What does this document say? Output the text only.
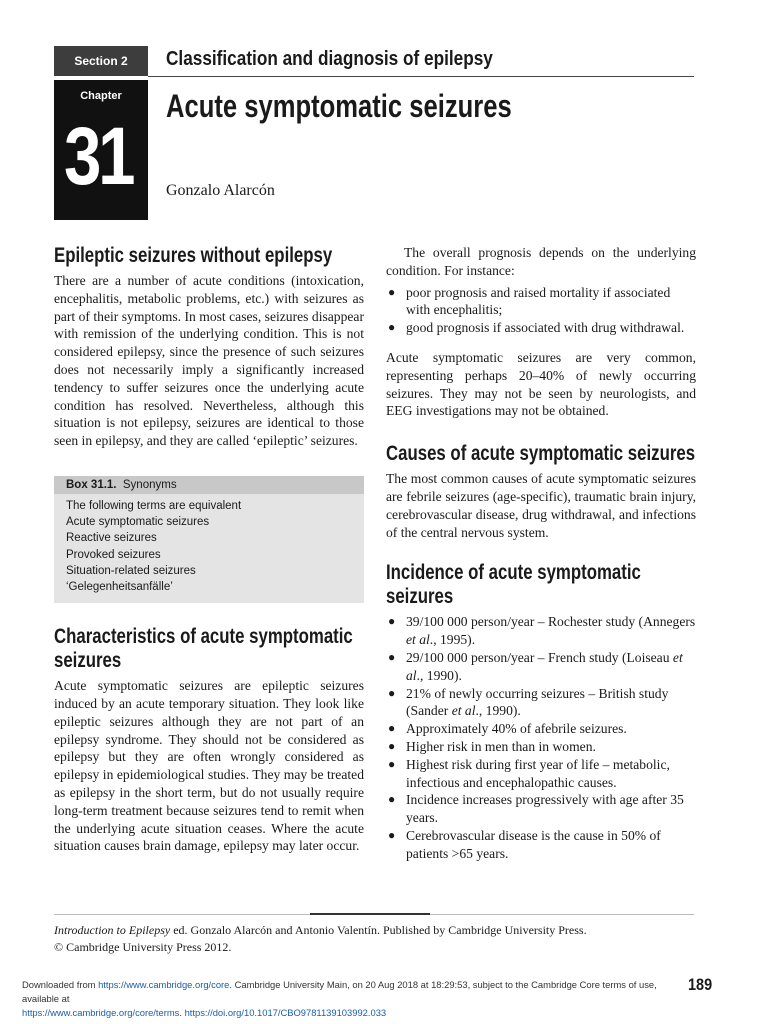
Section 2	Classification and diagnosis of epilepsy
Chapter
31
Acute symptomatic seizures
Gonzalo Alarcón
Epileptic seizures without epilepsy

There are a number of acute conditions (intoxication, encephalitis, metabolic problems, etc.) with seizures as part of their symptoms. In most cases, seizures disappear with remission of the underlying condition. This is not considered epilepsy, since the presence of such seizures does not necessarily imply a significantly increased tendency to suffer seizures once the underlying acute condition has resolved. Nevertheless, although this situation is not epilepsy, seizures are identical to those seen in epilepsy, and they are called ‘epileptic’ seizures.

Box 31.1. Synonyms
The following terms are equivalent
Acute symptomatic seizures
Reactive seizures
Provoked seizures
Situation-related seizures
‘Gelegenheitsanfälle’
Characteristics of acute symptomatic seizures

Acute symptomatic seizures are epileptic seizures induced by an acute temporary situation. They look like epileptic seizures although they are not part of an epilepsy syndrome. They should not be considered as epilepsy but they are often wrongly considered as epilepsy in epidemiological studies. They may be treated as epilepsy in the short term, but do not usually require long-term treatment because seizures tend to remit when the underlying acute situation ceases. Where the acute situation causes brain damage, epilepsy may later occur.

The overall prognosis depends on the underlying condition. For instance:

● poor prognosis and raised mortality if associated with encephalitis;
● good prognosis if associated with drug withdrawal.

Acute symptomatic seizures are very common, representing perhaps 20–40% of newly occurring seizures. They may not be seen by neurologists, and EEG investigations may not be obtained.

Causes of acute symptomatic seizures

The most common causes of acute symptomatic seizures are febrile seizures (age-specific), traumatic brain injury, cerebrovascular disease, drug withdrawal, and infections of the central nervous system.

Incidence of acute symptomatic seizures
● 39/100 000 person/year – Rochester study (Annegers et al., 1995).
● 29/100 000 person/year – French study (Loiseau et al., 1990).
● 21% of newly occurring seizures – British study (Sander et al., 1990).
● Approximately 40% of afebrile seizures.
● Higher risk in men than in women.
● Highest risk during first year of life – metabolic, infectious and encephalopathic causes.
● Incidence increases progressively with age after 35 years.
● Cerebrovascular disease is the cause in 50% of patients >65 years.
Introduction to Epilepsy ed. Gonzalo Alarcón and Antonio Valentín. Published by Cambridge University Press.
© Cambridge University Press 2012.
Downloaded from https://www.cambridge.org/core. Cambridge University Main, on 20 Aug 2018 at 18:29:53, subject to the Cambridge Core terms of use, available at
https://www.cambridge.org/core/terms. https://doi.org/10.1017/CBO9781139103992.033
189
